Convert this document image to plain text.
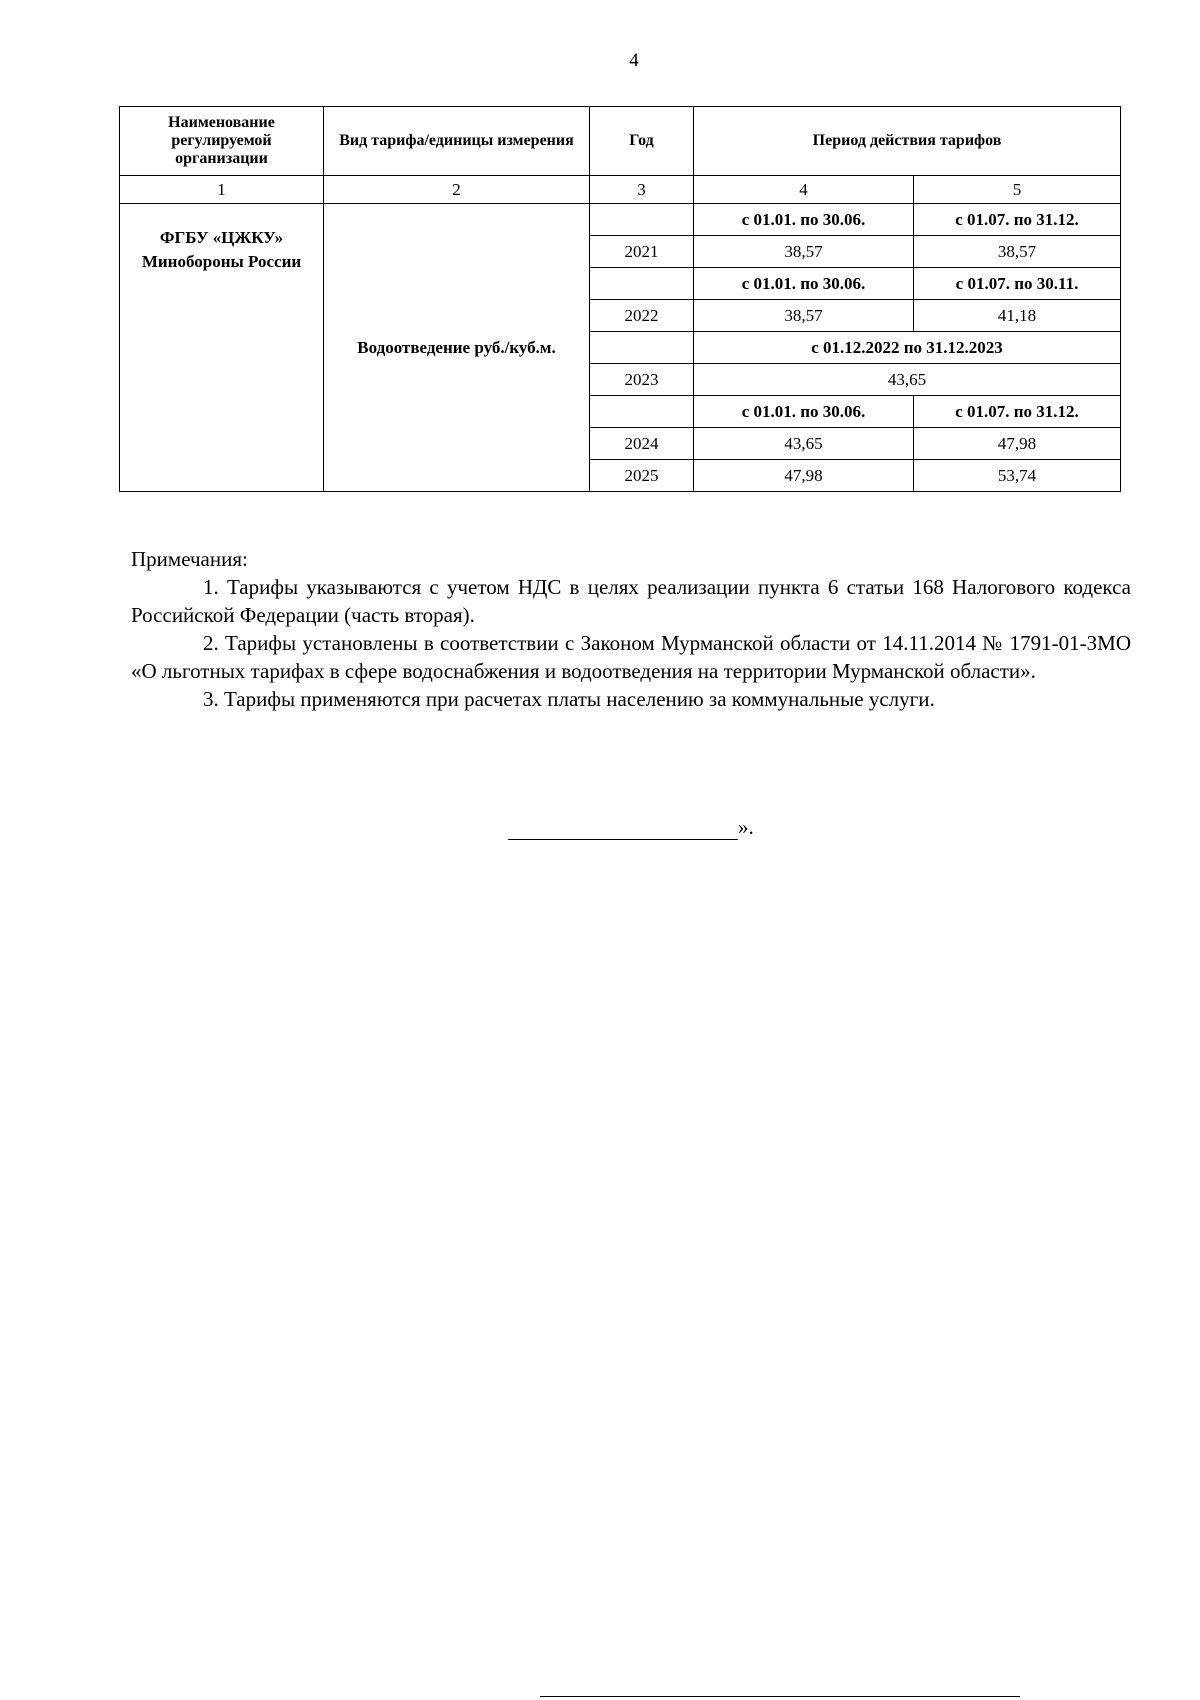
4
Наименование регулируемой организации	Вид тарифа/единицы измерения	Год	Период действия тарифов	
1	2	3	4	5
ФГБУ «ЦЖКУ» Минобороны России	Водоотведение руб./куб.м.		с 01.01. по 30.06.	с 01.07. по 31.12.
		2021	38,57	38,57
			с 01.01. по 30.06.	с 01.07. по 30.11.
		2022	38,57	41,18
			с 01.12.2022 по 31.12.2023	
		2023	43,65	
			с 01.01. по 30.06.	с 01.07. по 31.12.
		2024	43,65	47,98
		2025	47,98	53,74

Примечания:

1. Тарифы указываются с учетом НДС в целях реализации пункта 6 статьи 168 Налогового кодекса Российской Федерации (часть вторая).

2. Тарифы установлены в соответствии с Законом Мурманской области от 14.11.2014 № 1791-01-ЗМО «О льготных тарифах в сфере водоснабжения и водоотведения на территории Мурманской области».

3. Тарифы применяются при расчетах платы населению за коммунальные услуги.

».
